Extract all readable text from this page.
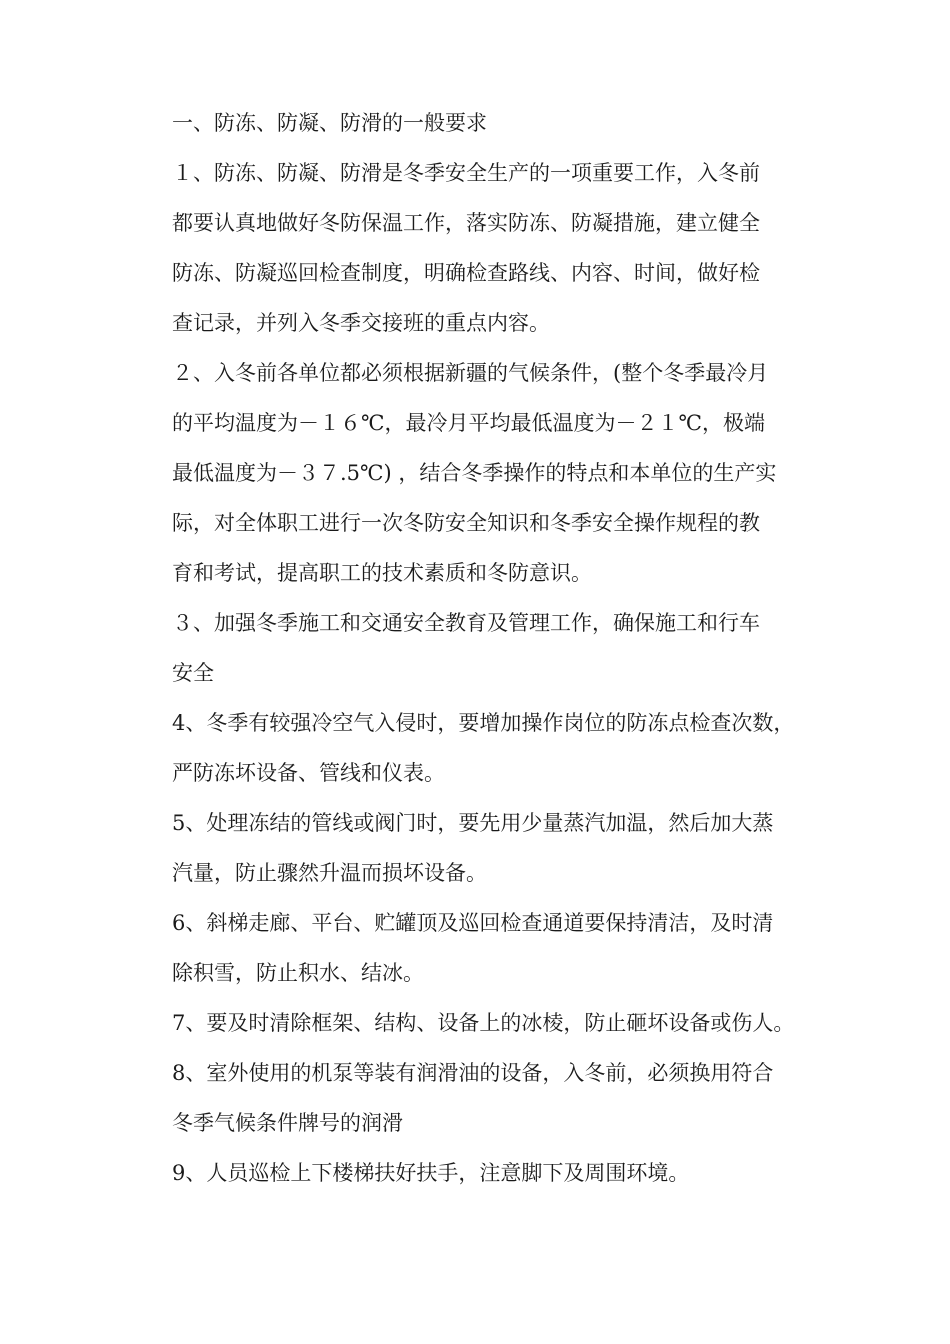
一、防冻、防凝、防滑的一般要求
１、防冻、防凝、防滑是冬季安全生产的一项重要工作，入冬前
都要认真地做好冬防保温工作，落实防冻、防凝措施，建立健全
防冻、防凝巡回检查制度，明确检查路线、内容、时间，做好检
查记录，并列入冬季交接班的重点内容。
２、入冬前各单位都必须根据新疆的气候条件，(整个冬季最冷月
的平均温度为－１６℃，最冷月平均最低温度为－２１℃，极端
最低温度为－３７.5℃) ，结合冬季操作的特点和本单位的生产实
际，对全体职工进行一次冬防安全知识和冬季安全操作规程的教
育和考试，提高职工的技术素质和冬防意识。
３、加强冬季施工和交通安全教育及管理工作，确保施工和行车
安全
4、冬季有较强冷空气入侵时，要增加操作岗位的防冻点检查次数，
严防冻坏设备、管线和仪表。
5、处理冻结的管线或阀门时，要先用少量蒸汽加温，然后加大蒸
汽量，防止骤然升温而损坏设备。
6、斜梯走廊、平台、贮罐顶及巡回检查通道要保持清洁，及时清
除积雪，防止积水、结冰。
7、要及时清除框架、结构、设备上的冰棱，防止砸坏设备或伤人。
8、室外使用的机泵等装有润滑油的设备，入冬前，必须换用符合
冬季气候条件牌号的润滑
9、人员巡检上下楼梯扶好扶手，注意脚下及周围环境。
